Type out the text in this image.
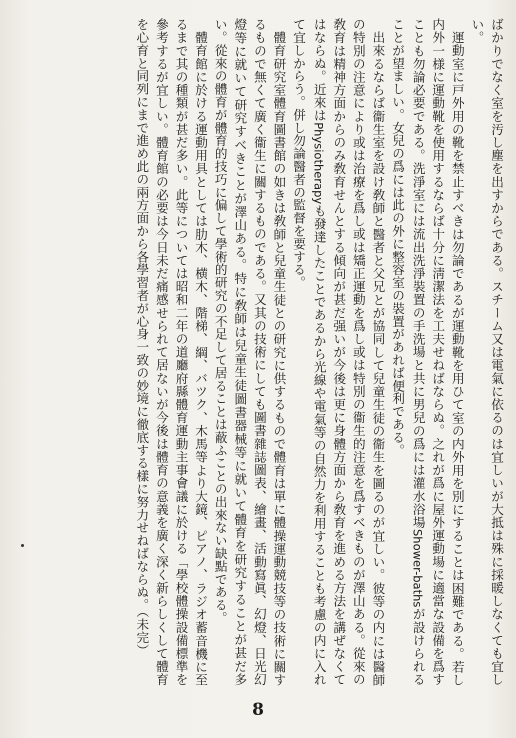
ばかりでなく室を汚し塵を出すからである。スチーム又は電氣に依るのは宜しいが大抵は殊に採暖しなくても宜しい。

運動室に戸外用の靴を禁止すべきは勿論であるが運動靴を用ひて室の内外用を別にすることは困難である。若し内外一様に運動靴を使用するならば十分に淸潔法を工夫せねばならぬ。之れが爲に屋外運動場に適當な設備を爲すことも勿論必要である。洗淨室には流出洗淨裝置の手洗場と共に男兒の爲には灌水浴場Shower-bathsが設けられることが望ましい。女兒の爲には此の外に整容室の裝置があれば便利である。

出來るならば衞生室を設け敎師と醫者と父兄とが協同して兒童生徒の衞生を圖るのが宜しい。彼等の内には醫師の特別の注意により或は治療を爲し或は矯正運動を爲し或は特別の衞生的注意を爲すべきものが澤山ある。從來の敎育は精神方面からのみ敎育せんとする傾向が甚だ强いが今後は更に身體方面から敎育を進める方法を講ぜなくてはならぬ。近來はPhysiotherapyも發達したことであるから光線や電氣等の自然力を利用することも考慮の内に入れて宜しからう。併し勿論醫者の監督を要する。

體育研究室體育圖書館の如きは敎師と兒童生徒との研究に供するもので體育は單に體操運動競技等の技術に關するもので無くて廣く衞生に關するものである。又其の技術にしても圖書雜誌圖表、繪畫、活動寫眞、幻燈、日光幻燈等に就いて研究すべきことが澤山ある。特に敎師は兒童生徒圖書器械等に就いて體育を研究することが甚だ多い。從來の體育が體育的技巧に偏して學術的研究の不足して居ることは蔽ふことの出來ない缺點である。

體育館に於ける運動用具としては肋木、横木、階梯、綱、バツク、木馬等より大鏡、ピアノ、ラジオ蓄音機に至るまで其の種類が甚だ多い。此等については昭和二年の道廳府縣體育運動主事會議に於ける「學校體操設備標準を參考するが宜しい。體育館の必要は今日未だ痛感せられて居ないが今後は體育の意義を廣く深く新らしくして體育を心育と同列にまで進め此の兩方面から各學習者が心身一致の妙境に徹底する樣に努力せねばならぬ。（未完）

8
